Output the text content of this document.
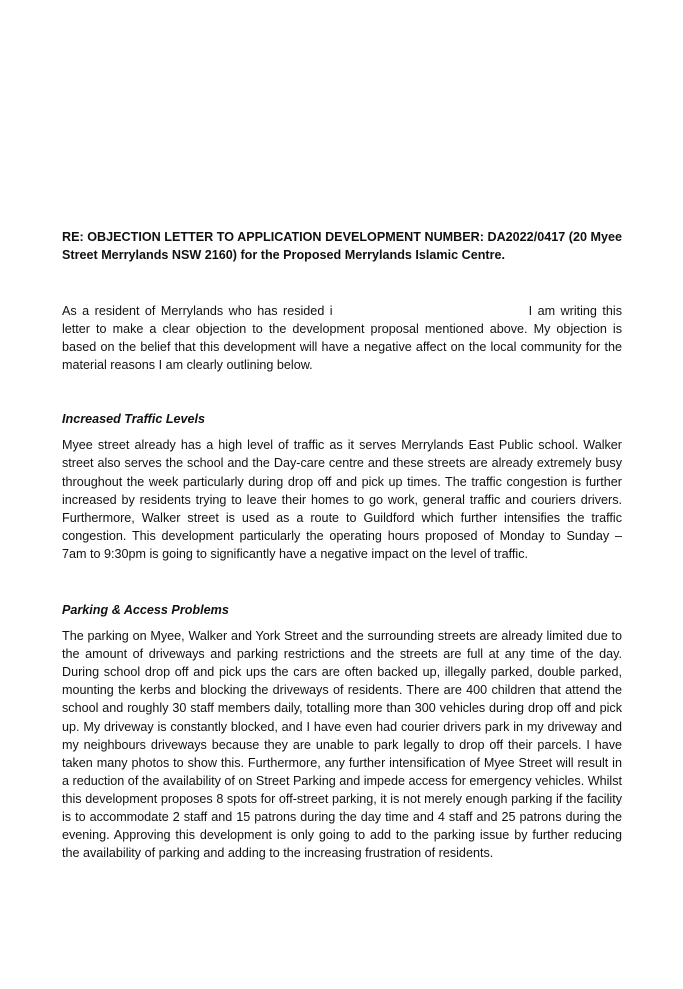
RE: OBJECTION LETTER TO APPLICATION DEVELOPMENT NUMBER: DA2022/0417 (20 Myee Street Merrylands NSW 2160) for the Proposed Merrylands Islamic Centre.

As a resident of Merrylands who has resided i	I am writing this letter to make a clear objection to the development proposal mentioned above. My objection is based on the belief that this development will have a negative affect on the local community for the material reasons I am clearly outlining below.

Increased Traffic Levels

Myee street already has a high level of traffic as it serves Merrylands East Public school. Walker street also serves the school and the Day-care centre and these streets are already extremely busy throughout the week particularly during drop off and pick up times. The traffic congestion is further increased by residents trying to leave their homes to go work, general traffic and couriers drivers. Furthermore, Walker street is used as a route to Guildford which further intensifies the traffic congestion. This development particularly the operating hours proposed of Monday to Sunday – 7am to 9:30pm is going to significantly have a negative impact on the level of traffic.

Parking & Access Problems

The parking on Myee, Walker and York Street and the surrounding streets are already limited due to the amount of driveways and parking restrictions and the streets are full at any time of the day. During school drop off and pick ups the cars are often backed up, illegally parked, double parked, mounting the kerbs and blocking the driveways of residents. There are 400 children that attend the school and roughly 30 staff members daily, totalling more than 300 vehicles during drop off and pick up. My driveway is constantly blocked, and I have even had courier drivers park in my driveway and my neighbours driveways because they are unable to park legally to drop off their parcels. I have taken many photos to show this. Furthermore, any further intensification of Myee Street will result in a reduction of the availability of on Street Parking and impede access for emergency vehicles. Whilst this development proposes 8 spots for off-street parking, it is not merely enough parking if the facility is to accommodate 2 staff and 15 patrons during the day time and 4 staff and 25 patrons during the evening. Approving this development is only going to add to the parking issue by further reducing the availability of parking and adding to the increasing frustration of residents.
